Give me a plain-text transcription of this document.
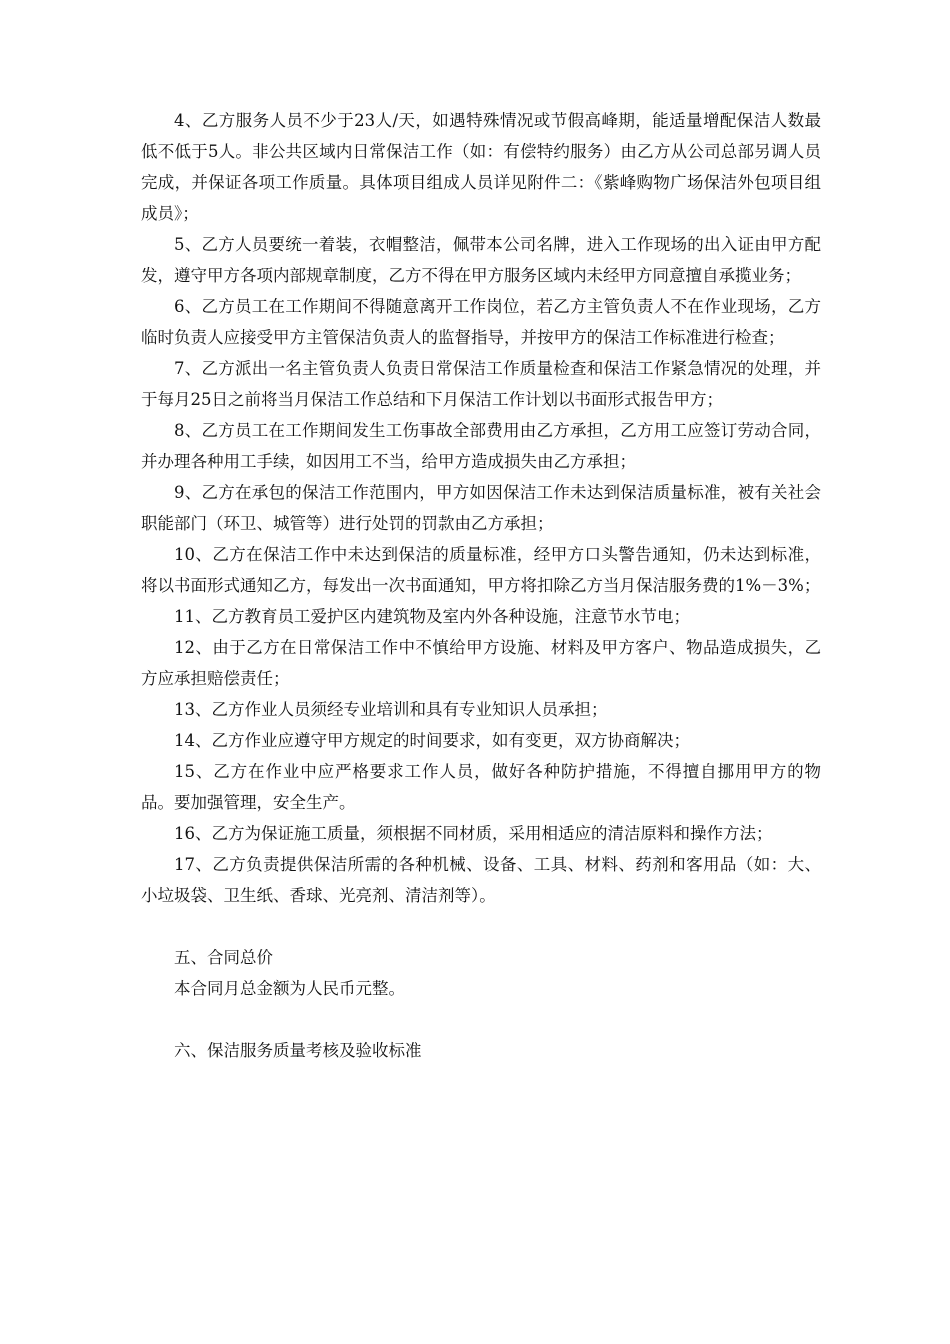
4、乙方服务人员不少于23人/天，如遇特殊情况或节假高峰期，能适量增配保洁人数最低不低于5人。非公共区域内日常保洁工作（如：有偿特约服务）由乙方从公司总部另调人员完成，并保证各项工作质量。具体项目组成人员详见附件二：《紫峰购物广场保洁外包项目组成员》；

5、乙方人员要统一着装，衣帽整洁，佩带本公司名牌，进入工作现场的出入证由甲方配发，遵守甲方各项内部规章制度，乙方不得在甲方服务区域内未经甲方同意擅自承揽业务；

6、乙方员工在工作期间不得随意离开工作岗位，若乙方主管负责人不在作业现场，乙方临时负责人应接受甲方主管保洁负责人的监督指导，并按甲方的保洁工作标准进行检查；

7、乙方派出一名主管负责人负责日常保洁工作质量检查和保洁工作紧急情况的处理，并于每月25日之前将当月保洁工作总结和下月保洁工作计划以书面形式报告甲方；

8、乙方员工在工作期间发生工伤事故全部费用由乙方承担，乙方用工应签订劳动合同，并办理各种用工手续，如因用工不当，给甲方造成损失由乙方承担；

9、乙方在承包的保洁工作范围内，甲方如因保洁工作未达到保洁质量标准，被有关社会职能部门（环卫、城管等）进行处罚的罚款由乙方承担；

10、乙方在保洁工作中未达到保洁的质量标准，经甲方口头警告通知，仍未达到标准，将以书面形式通知乙方，每发出一次书面通知，甲方将扣除乙方当月保洁服务费的1%－3%；

11、乙方教育员工爱护区内建筑物及室内外各种设施，注意节水节电；

12、由于乙方在日常保洁工作中不慎给甲方设施、材料及甲方客户、物品造成损失，乙方应承担赔偿责任；

13、乙方作业人员须经专业培训和具有专业知识人员承担；

14、乙方作业应遵守甲方规定的时间要求，如有变更，双方协商解决；

15、乙方在作业中应严格要求工作人员，做好各种防护措施，不得擅自挪用甲方的物品。要加强管理，安全生产。

16、乙方为保证施工质量，须根据不同材质，采用相适应的清洁原料和操作方法；

17、乙方负责提供保洁所需的各种机械、设备、工具、材料、药剂和客用品（如：大、小垃圾袋、卫生纸、香球、光亮剂、清洁剂等）。

五、合同总价

本合同月总金额为人民币元整。

六、保洁服务质量考核及验收标准
